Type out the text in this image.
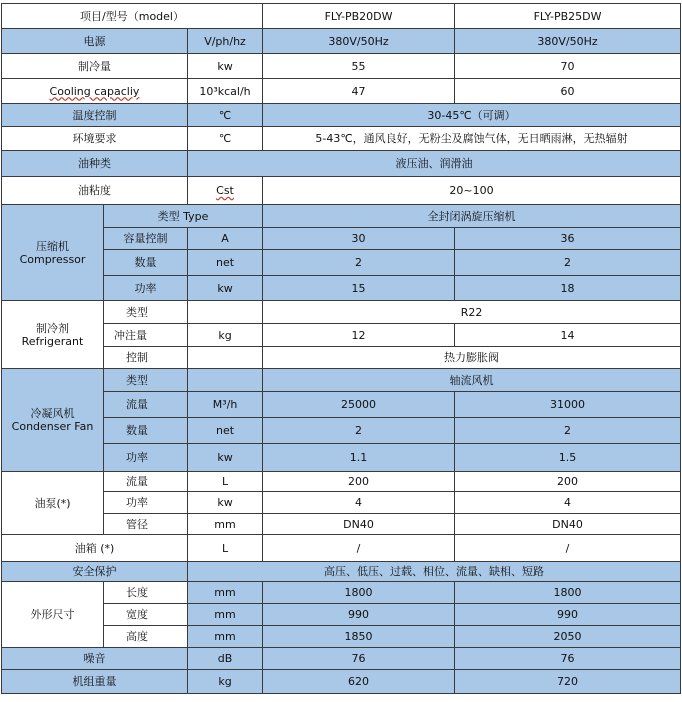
项目/型号（model）			FLY-PB20DW	FLY-PB25DW
电源		V/ph/hz	380V/50Hz	380V/50Hz
制冷量		kw	55	70
Cooling capacliy		10³kcal/h	47	60
温度控制		℃	30-45℃（可调）	
环境要求		℃	5-43℃，通风良好，无粉尘及腐蚀气体，无日晒雨淋，无热辐射	
油种类		液压油、润滑油		
油粘度		Cst	20~100	

压缩机
Compressor	类型 Type		全封闭涡旋压缩机	
	容量控制	A	30	36
	数量	net	2	2
	功率	kw	15	18

制冷剂
Refrigerant	类型		R22	
	冲注量	kg	12	14
	控制		热力膨胀阀	

冷凝风机
Condenser Fan	类型		轴流风机	
	流量	M³/h	25000	31000
	数量	net	2	2
	功率	kw	1.1	1.5
油泵(*)	流量	L	200	200
	功率	kw	4	4
	管径	mm	DN40	DN40
油箱 (*)		L	/	/
安全保护		高压、低压、过载、相位、流量、缺相、短路		
外形尺寸	长度	mm	1800	1800
	宽度	mm	990	990
	高度	mm	1850	2050
噪音		dB	76	76
机组重量		kg	620	720
